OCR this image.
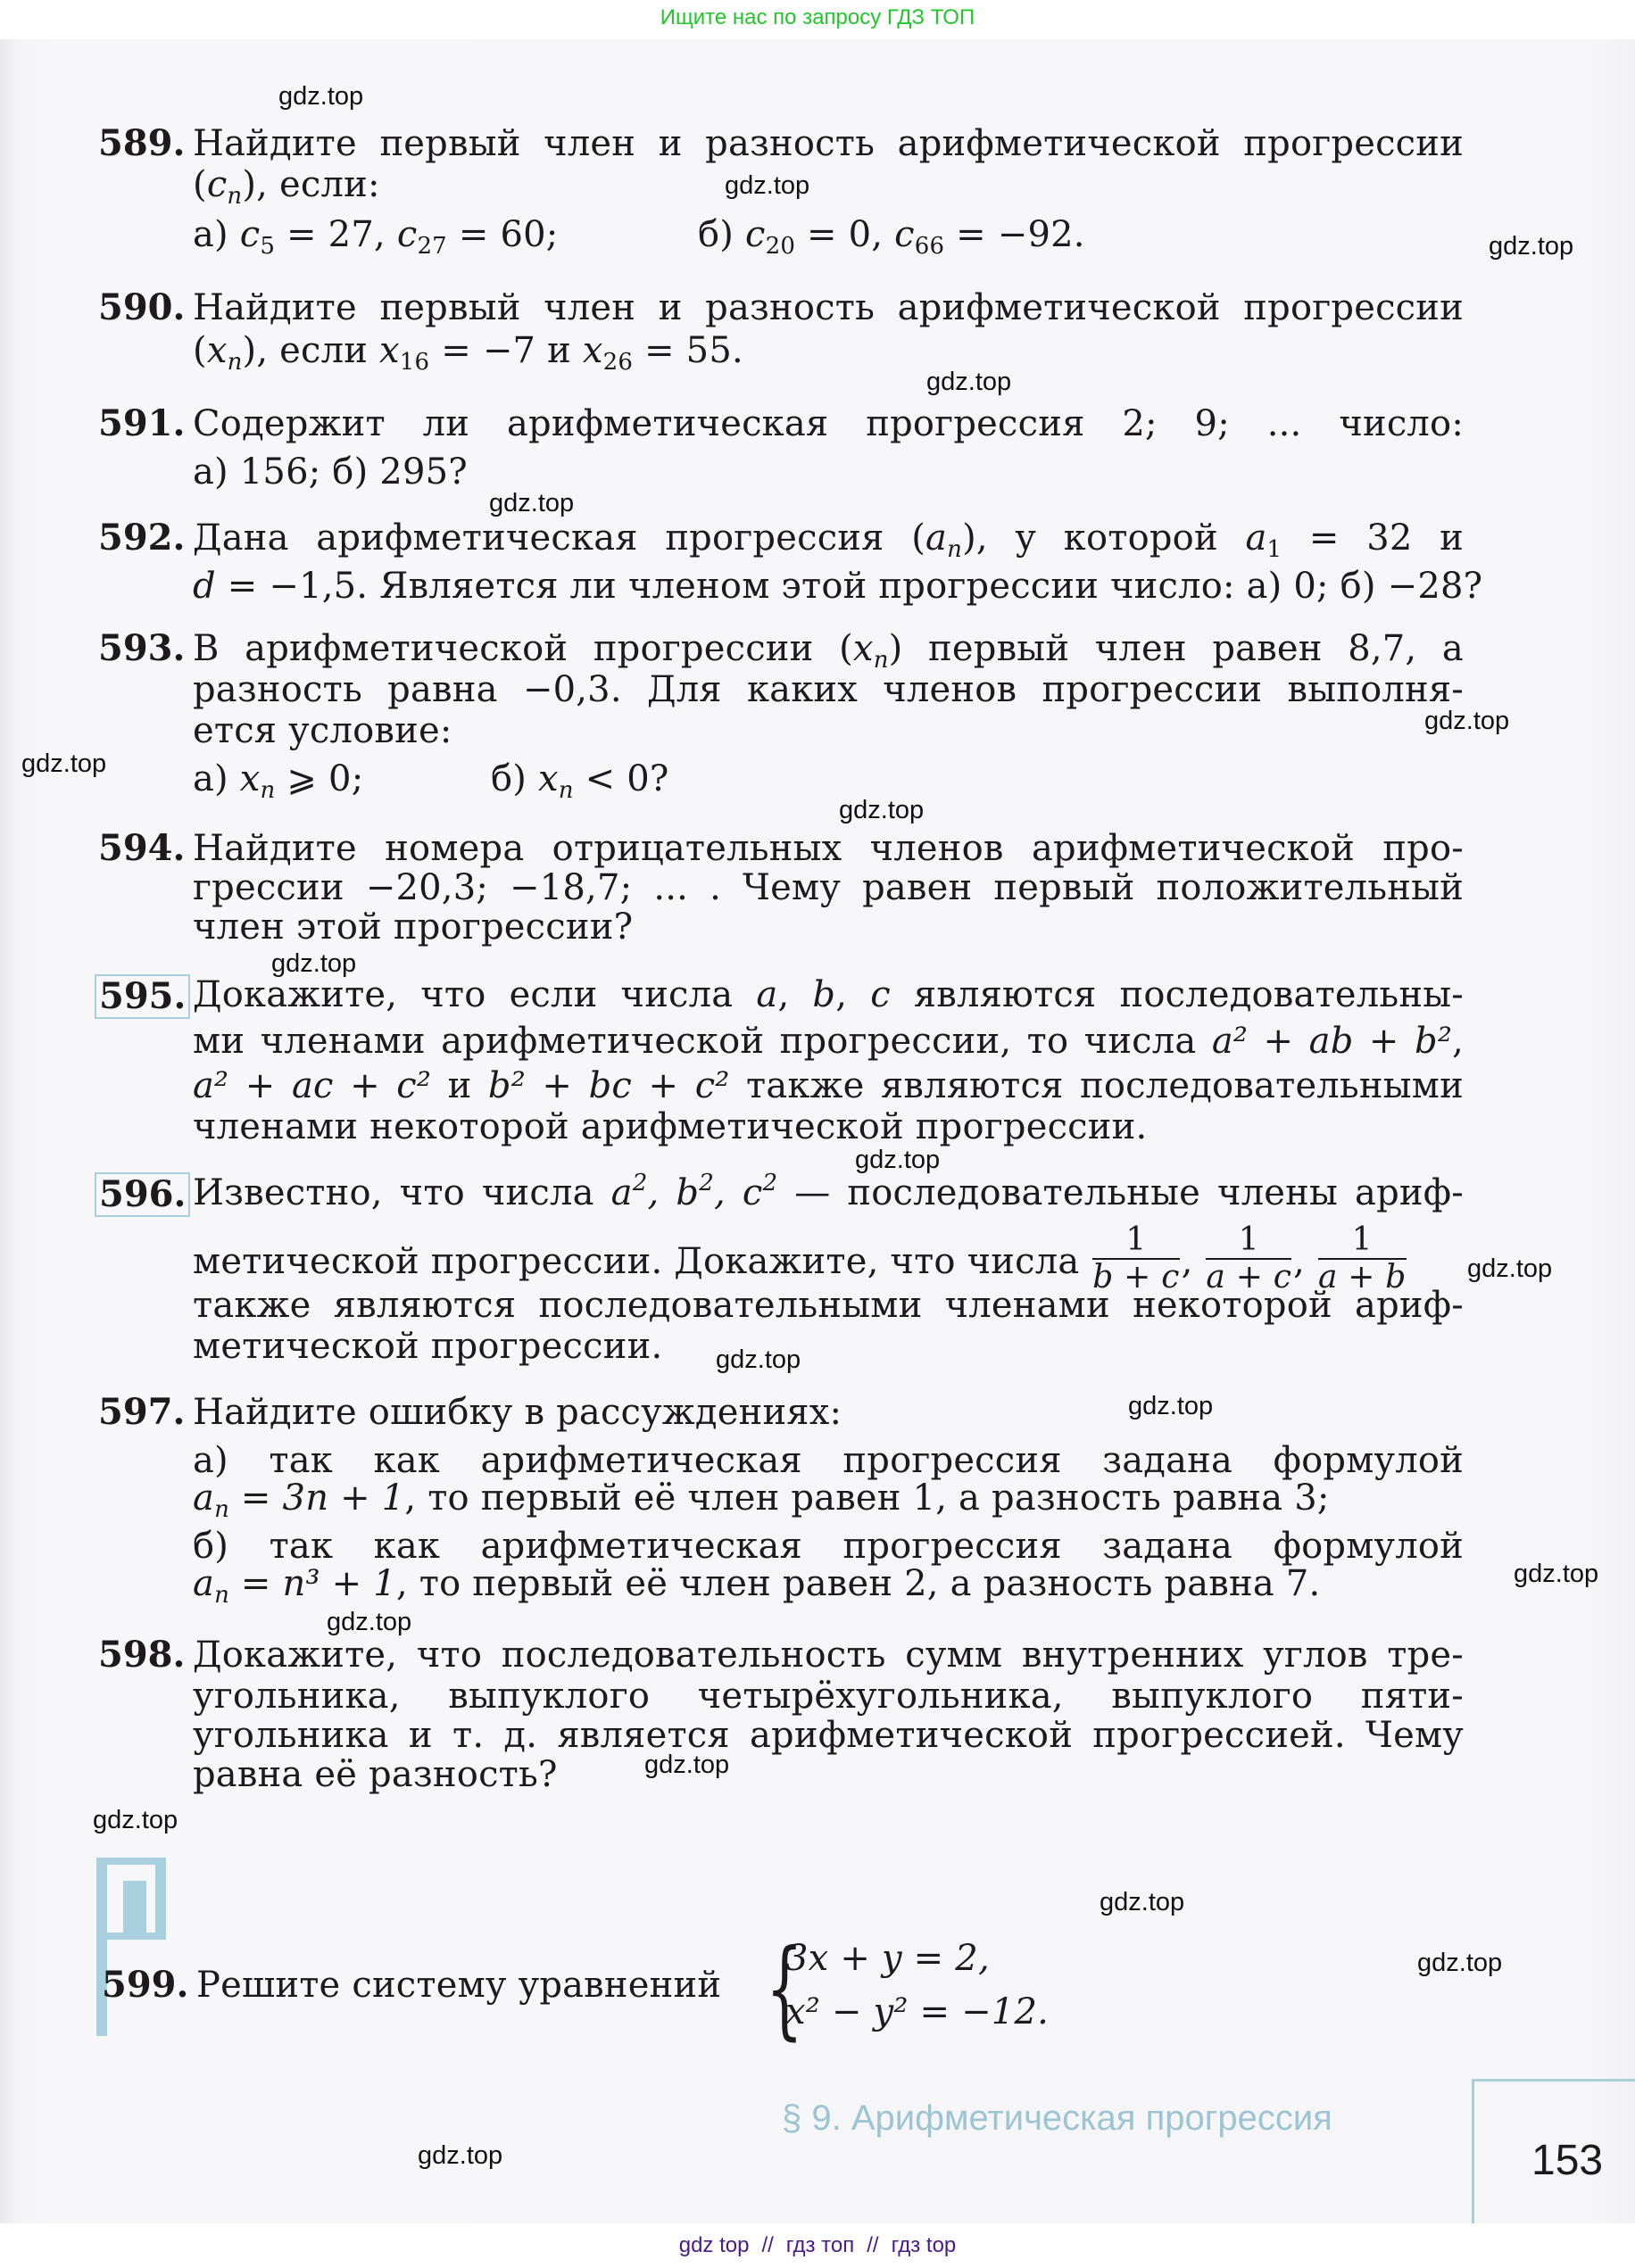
Ищите нас по запросу ГДЗ ТОП
589. Найдите первый член и разность арифметической прогрессии
$(c_n)$, если:
а) $c_5 = 27$, $c_{27} = 60$;	б) $c_{20} = 0$, $c_{66} = -92$.
590. Найдите первый член и разность арифметической прогрессии
$(x_n)$, если $x_{16} = -7$ и $x_{26} = 55$.
591. Содержит ли арифметическая прогрессия 2; 9; ... число:
а) 156; б) 295?
592. Дана арифметическая прогрессия $(a_n)$, у которой $a_1 = 32$ и
d = −1,5. Является ли членом этой прогрессии число: а) 0; б) −28?
593. В арифметической прогрессии $(x_n)$ первый член равен 8,7, а
разность равна −0,3. Для каких членов прогрессии выполня-
ется условие:
а) $x_n$ ⩾ 0;	б) $x_n < 0$?
594. Найдите номера отрицательных членов арифметической про-
грессии −20,3; −18,7; ... . Чему равен первый положительный
член этой прогрессии?
595. Докажите, что если числа a, b, c являются последовательны-
ми членами арифметической прогрессии, то числа a² + ab + b²,
a² + ac + c² и b² + bc + c² также являются последовательными
членами некоторой арифметической прогрессии.
596. Известно, что числа $a^2$, $b^2$, $c^2$ — последовательные члены ариф-
метической прогрессии. Докажите, что числа $\frac{1}{b + c}$ , $\frac{1}{a + c}$ , $\frac{1}{a + b}$
также являются последовательными членами некоторой ариф-
метической прогрессии.
597. Найдите ошибку в рассуждениях:
а) так как арифметическая прогрессия задана формулой
$a_n = 3n + 1$, то первый её член равен 1, а разность равна 3;
б) так как арифметическая прогрессия задана формулой
$a_n = n^3 + 1$, то первый её член равен 2, а разность равна 7.
598. Докажите, что последовательность сумм внутренних углов тре-
угольника, выпуклого четырёхугольника, выпуклого пяти-
угольника и т. д. является арифметической прогрессией. Чему
равна её разность?
599. Решите систему уравнений {
3x + y = 2,
x² − y² = −12.
§ 9. Арифметическая прогрессия
153
gdz.top
gdz.top
gdz.top
gdz.top
gdz.top
gdz.top
gdz.top
gdz.top
gdz.top
gdz.top
gdz.top
gdz.top
gdz.top
gdz.top
gdz.top
gdz.top
gdz.top
gdz.top
gdz.top
gdz.top
gdz top // гдз топ // гдз top
